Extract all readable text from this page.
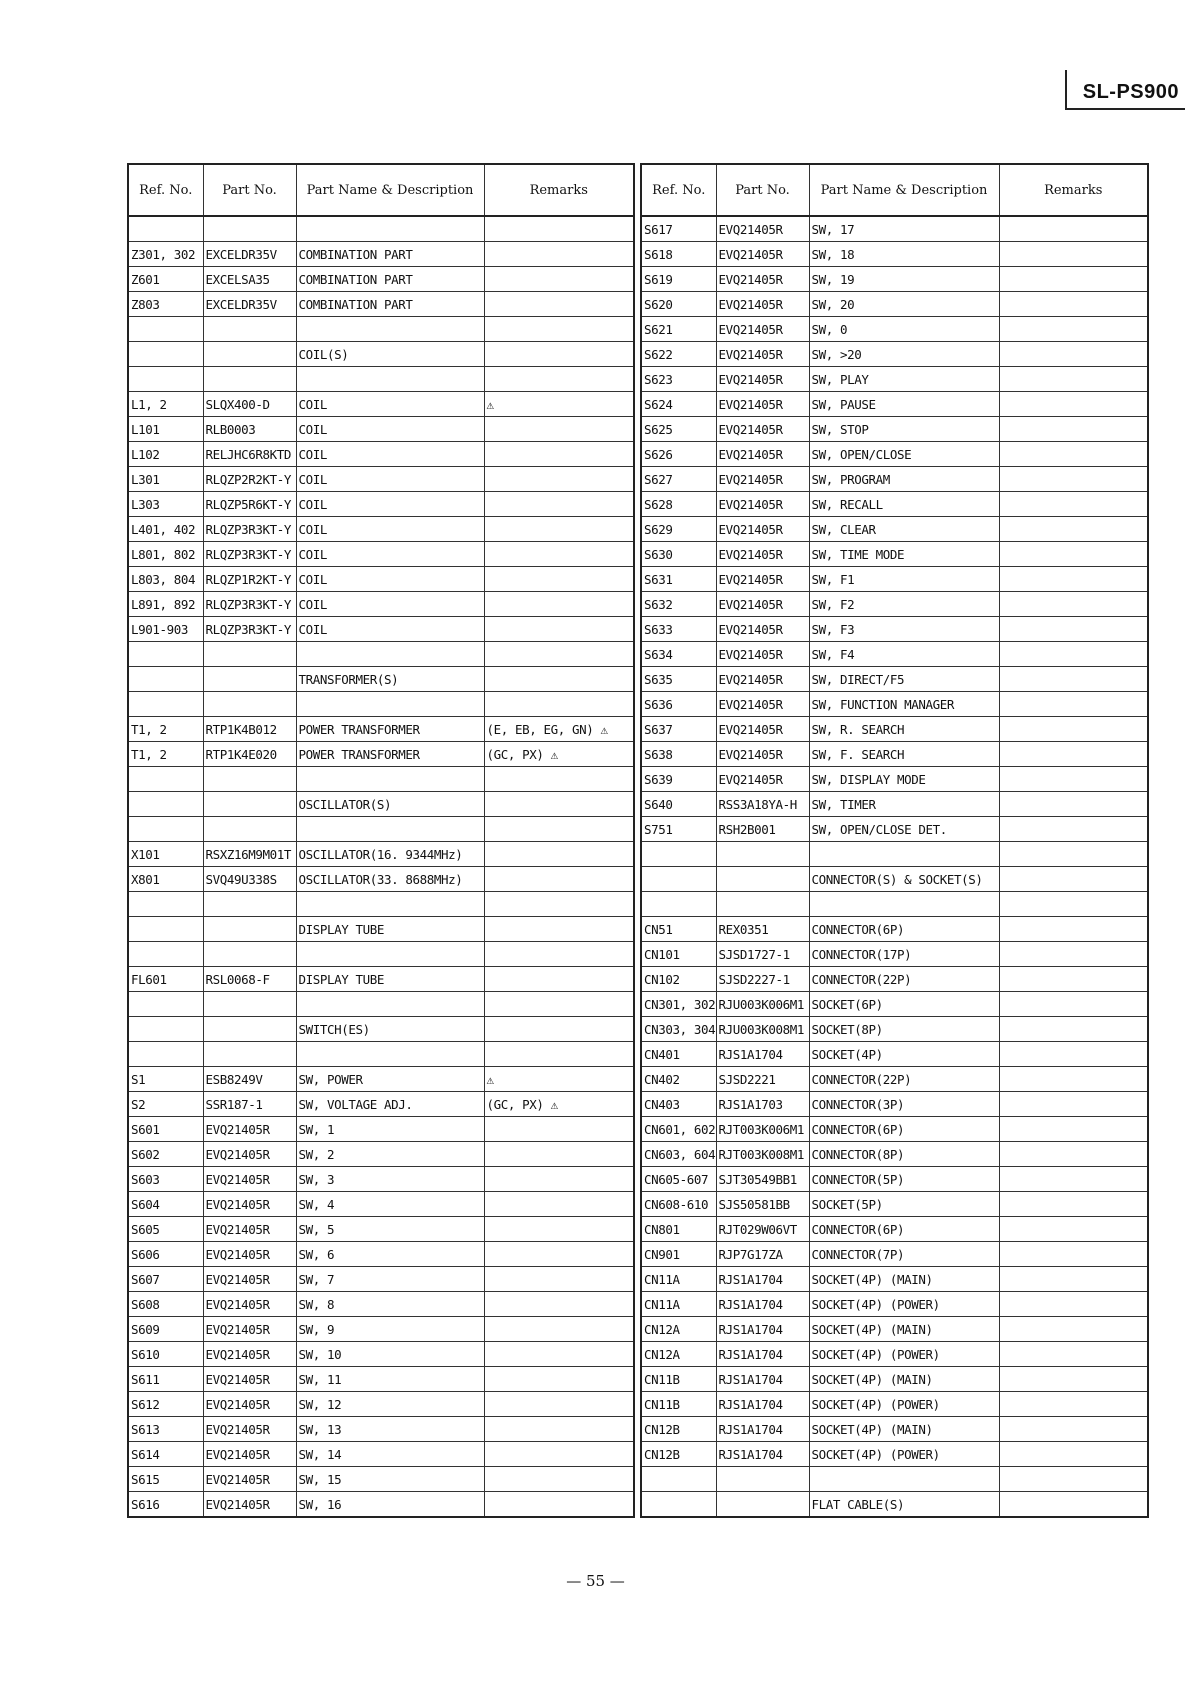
SL-PS900
Ref. No.	Part No.	Part Name & Description	Remarks

Z301, 302	EXCELDR35V	COMBINATION PART	
Z601	EXCELSA35	COMBINATION PART	
Z803	EXCELDR35V	COMBINATION PART	

		COIL(S)	

L1, 2	SLQX400-D	COIL	⚠
L101	RLB0003	COIL	
L102	RELJHC6R8KTD	COIL	
L301	RLQZP2R2KT-Y	COIL	
L303	RLQZP5R6KT-Y	COIL	
L401, 402	RLQZP3R3KT-Y	COIL	
L801, 802	RLQZP3R3KT-Y	COIL	
L803, 804	RLQZP1R2KT-Y	COIL	
L891, 892	RLQZP3R3KT-Y	COIL	
L901-903	RLQZP3R3KT-Y	COIL	

		TRANSFORMER(S)	

T1, 2	RTP1K4B012	POWER TRANSFORMER	(E, EB, EG, GN) ⚠
T1, 2	RTP1K4E020	POWER TRANSFORMER	(GC, PX) ⚠

		OSCILLATOR(S)	

X101	RSXZ16M9M01T	OSCILLATOR(16. 9344MHz)	
X801	SVQ49U338S	OSCILLATOR(33. 8688MHz)	

		DISPLAY TUBE	

FL601	RSL0068-F	DISPLAY TUBE	

		SWITCH(ES)	

S1	ESB8249V	SW, POWER	⚠
S2	SSR187-1	SW, VOLTAGE ADJ.	(GC, PX) ⚠
S601	EVQ21405R	SW, 1	
S602	EVQ21405R	SW, 2	
S603	EVQ21405R	SW, 3	
S604	EVQ21405R	SW, 4	
S605	EVQ21405R	SW, 5	
S606	EVQ21405R	SW, 6	
S607	EVQ21405R	SW, 7	
S608	EVQ21405R	SW, 8	
S609	EVQ21405R	SW, 9	
S610	EVQ21405R	SW, 10	
S611	EVQ21405R	SW, 11	
S612	EVQ21405R	SW, 12	
S613	EVQ21405R	SW, 13	
S614	EVQ21405R	SW, 14	
S615	EVQ21405R	SW, 15	
S616	EVQ21405R	SW, 16	
Ref. No.	Part No.	Part Name & Description	Remarks
S617	EVQ21405R	SW, 17	
S618	EVQ21405R	SW, 18	
S619	EVQ21405R	SW, 19	
S620	EVQ21405R	SW, 20	
S621	EVQ21405R	SW, 0	
S622	EVQ21405R	SW, >20	
S623	EVQ21405R	SW, PLAY	
S624	EVQ21405R	SW, PAUSE	
S625	EVQ21405R	SW, STOP	
S626	EVQ21405R	SW, OPEN/CLOSE	
S627	EVQ21405R	SW, PROGRAM	
S628	EVQ21405R	SW, RECALL	
S629	EVQ21405R	SW, CLEAR	
S630	EVQ21405R	SW, TIME MODE	
S631	EVQ21405R	SW, F1	
S632	EVQ21405R	SW, F2	
S633	EVQ21405R	SW, F3	
S634	EVQ21405R	SW, F4	
S635	EVQ21405R	SW, DIRECT/F5	
S636	EVQ21405R	SW, FUNCTION MANAGER	
S637	EVQ21405R	SW, R. SEARCH	
S638	EVQ21405R	SW, F. SEARCH	
S639	EVQ21405R	SW, DISPLAY MODE	
S640	RSS3A18YA-H	SW, TIMER	
S751	RSH2B001	SW, OPEN/CLOSE DET.	

		CONNECTOR(S) & SOCKET(S)	

CN51	REX0351	CONNECTOR(6P)	
CN101	SJSD1727-1	CONNECTOR(17P)	
CN102	SJSD2227-1	CONNECTOR(22P)	
CN301, 302	RJU003K006M1	SOCKET(6P)	
CN303, 304	RJU003K008M1	SOCKET(8P)	
CN401	RJS1A1704	SOCKET(4P)	
CN402	SJSD2221	CONNECTOR(22P)	
CN403	RJS1A1703	CONNECTOR(3P)	
CN601, 602	RJT003K006M1	CONNECTOR(6P)	
CN603, 604	RJT003K008M1	CONNECTOR(8P)	
CN605-607	SJT30549BB1	CONNECTOR(5P)	
CN608-610	SJS50581BB	SOCKET(5P)	
CN801	RJT029W06VT	CONNECTOR(6P)	
CN901	RJP7G17ZA	CONNECTOR(7P)	
CN11A	RJS1A1704	SOCKET(4P) (MAIN)	
CN11A	RJS1A1704	SOCKET(4P) (POWER)	
CN12A	RJS1A1704	SOCKET(4P) (MAIN)	
CN12A	RJS1A1704	SOCKET(4P) (POWER)	
CN11B	RJS1A1704	SOCKET(4P) (MAIN)	
CN11B	RJS1A1704	SOCKET(4P) (POWER)	
CN12B	RJS1A1704	SOCKET(4P) (MAIN)	
CN12B	RJS1A1704	SOCKET(4P) (POWER)	

		FLAT CABLE(S)	
— 55 —
